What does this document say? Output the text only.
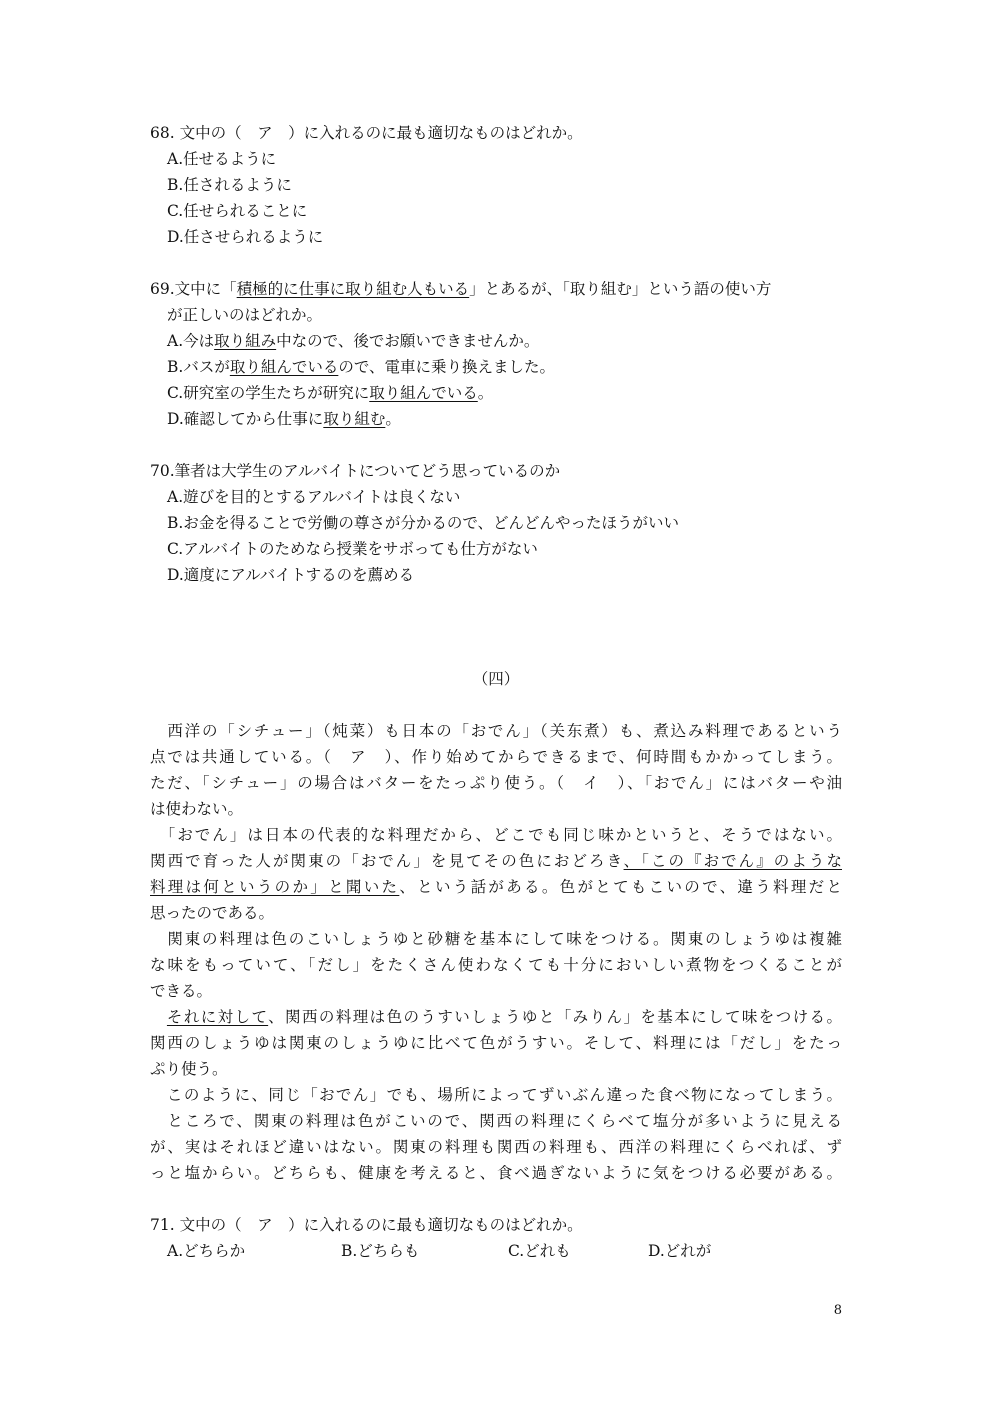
68. 文中の（　ア　）に入れるのに最も適切なものはどれか。
A.任せるように
B.任されるように
C.任せられることに
D.任させられるように
69.文中に「積極的に仕事に取り組む人もいる」とあるが、「取り組む」という語の使い方
が正しいのはどれか。
A.今は取り組み中なので、後でお願いできませんか。
B.バスが取り組んでいるので、電車に乗り換えました。
C.研究室の学生たちが研究に取り組んでいる。
D.確認してから仕事に取り組む。
70.筆者は大学生のアルバイトについてどう思っているのか
A.遊びを目的とするアルバイトは良くない
B.お金を得ることで労働の尊さが分かるので、どんどんやったほうがいい
C.アルバイトのためなら授業をサボっても仕方がない
D.適度にアルバイトするのを薦める
（四）
　西洋の「シチュー」（炖菜）も日本の「おでん」（关东煮）も、煮込み料理であるという
点では共通している。（　ア　）、作り始めてからできるまで、何時間もかかってしまう。
ただ、「シチュー」の場合はバターをたっぷり使う。（　イ　）、「おでん」にはバターや油
は使わない。
　「おでん」は日本の代表的な料理だから、どこでも同じ味かというと、そうではない。
関西で育った人が関東の「おでん」を見てその色におどろき、「この『おでん』のような
料理は何というのか」と聞いた、という話がある。色がとてもこいので、違う料理だと
思ったのである。
　関東の料理は色のこいしょうゆと砂糖を基本にして味をつける。関東のしょうゆは複雑
な味をもっていて、「だし」をたくさん使わなくても十分においしい煮物をつくることが
できる。
　それに対して、関西の料理は色のうすいしょうゆと「みりん」を基本にして味をつける。
関西のしょうゆは関東のしょうゆに比べて色がうすい。そして、料理には「だし」をたっ
ぷり使う。
　このように、同じ「おでん」でも、場所によってずいぶん違った食べ物になってしまう。
　ところで、関東の料理は色がこいので、関西の料理にくらべて塩分が多いように見える
が、実はそれほど違いはない。関東の料理も関西の料理も、西洋の料理にくらべれば、ず
っと塩からい。どちらも、健康を考えると、食べ過ぎないように気をつける必要がある。
71. 文中の（　ア　）に入れるのに最も適切なものはどれか。
A.どちらか	B.どちらも	C.どれも	D.どれが
8
